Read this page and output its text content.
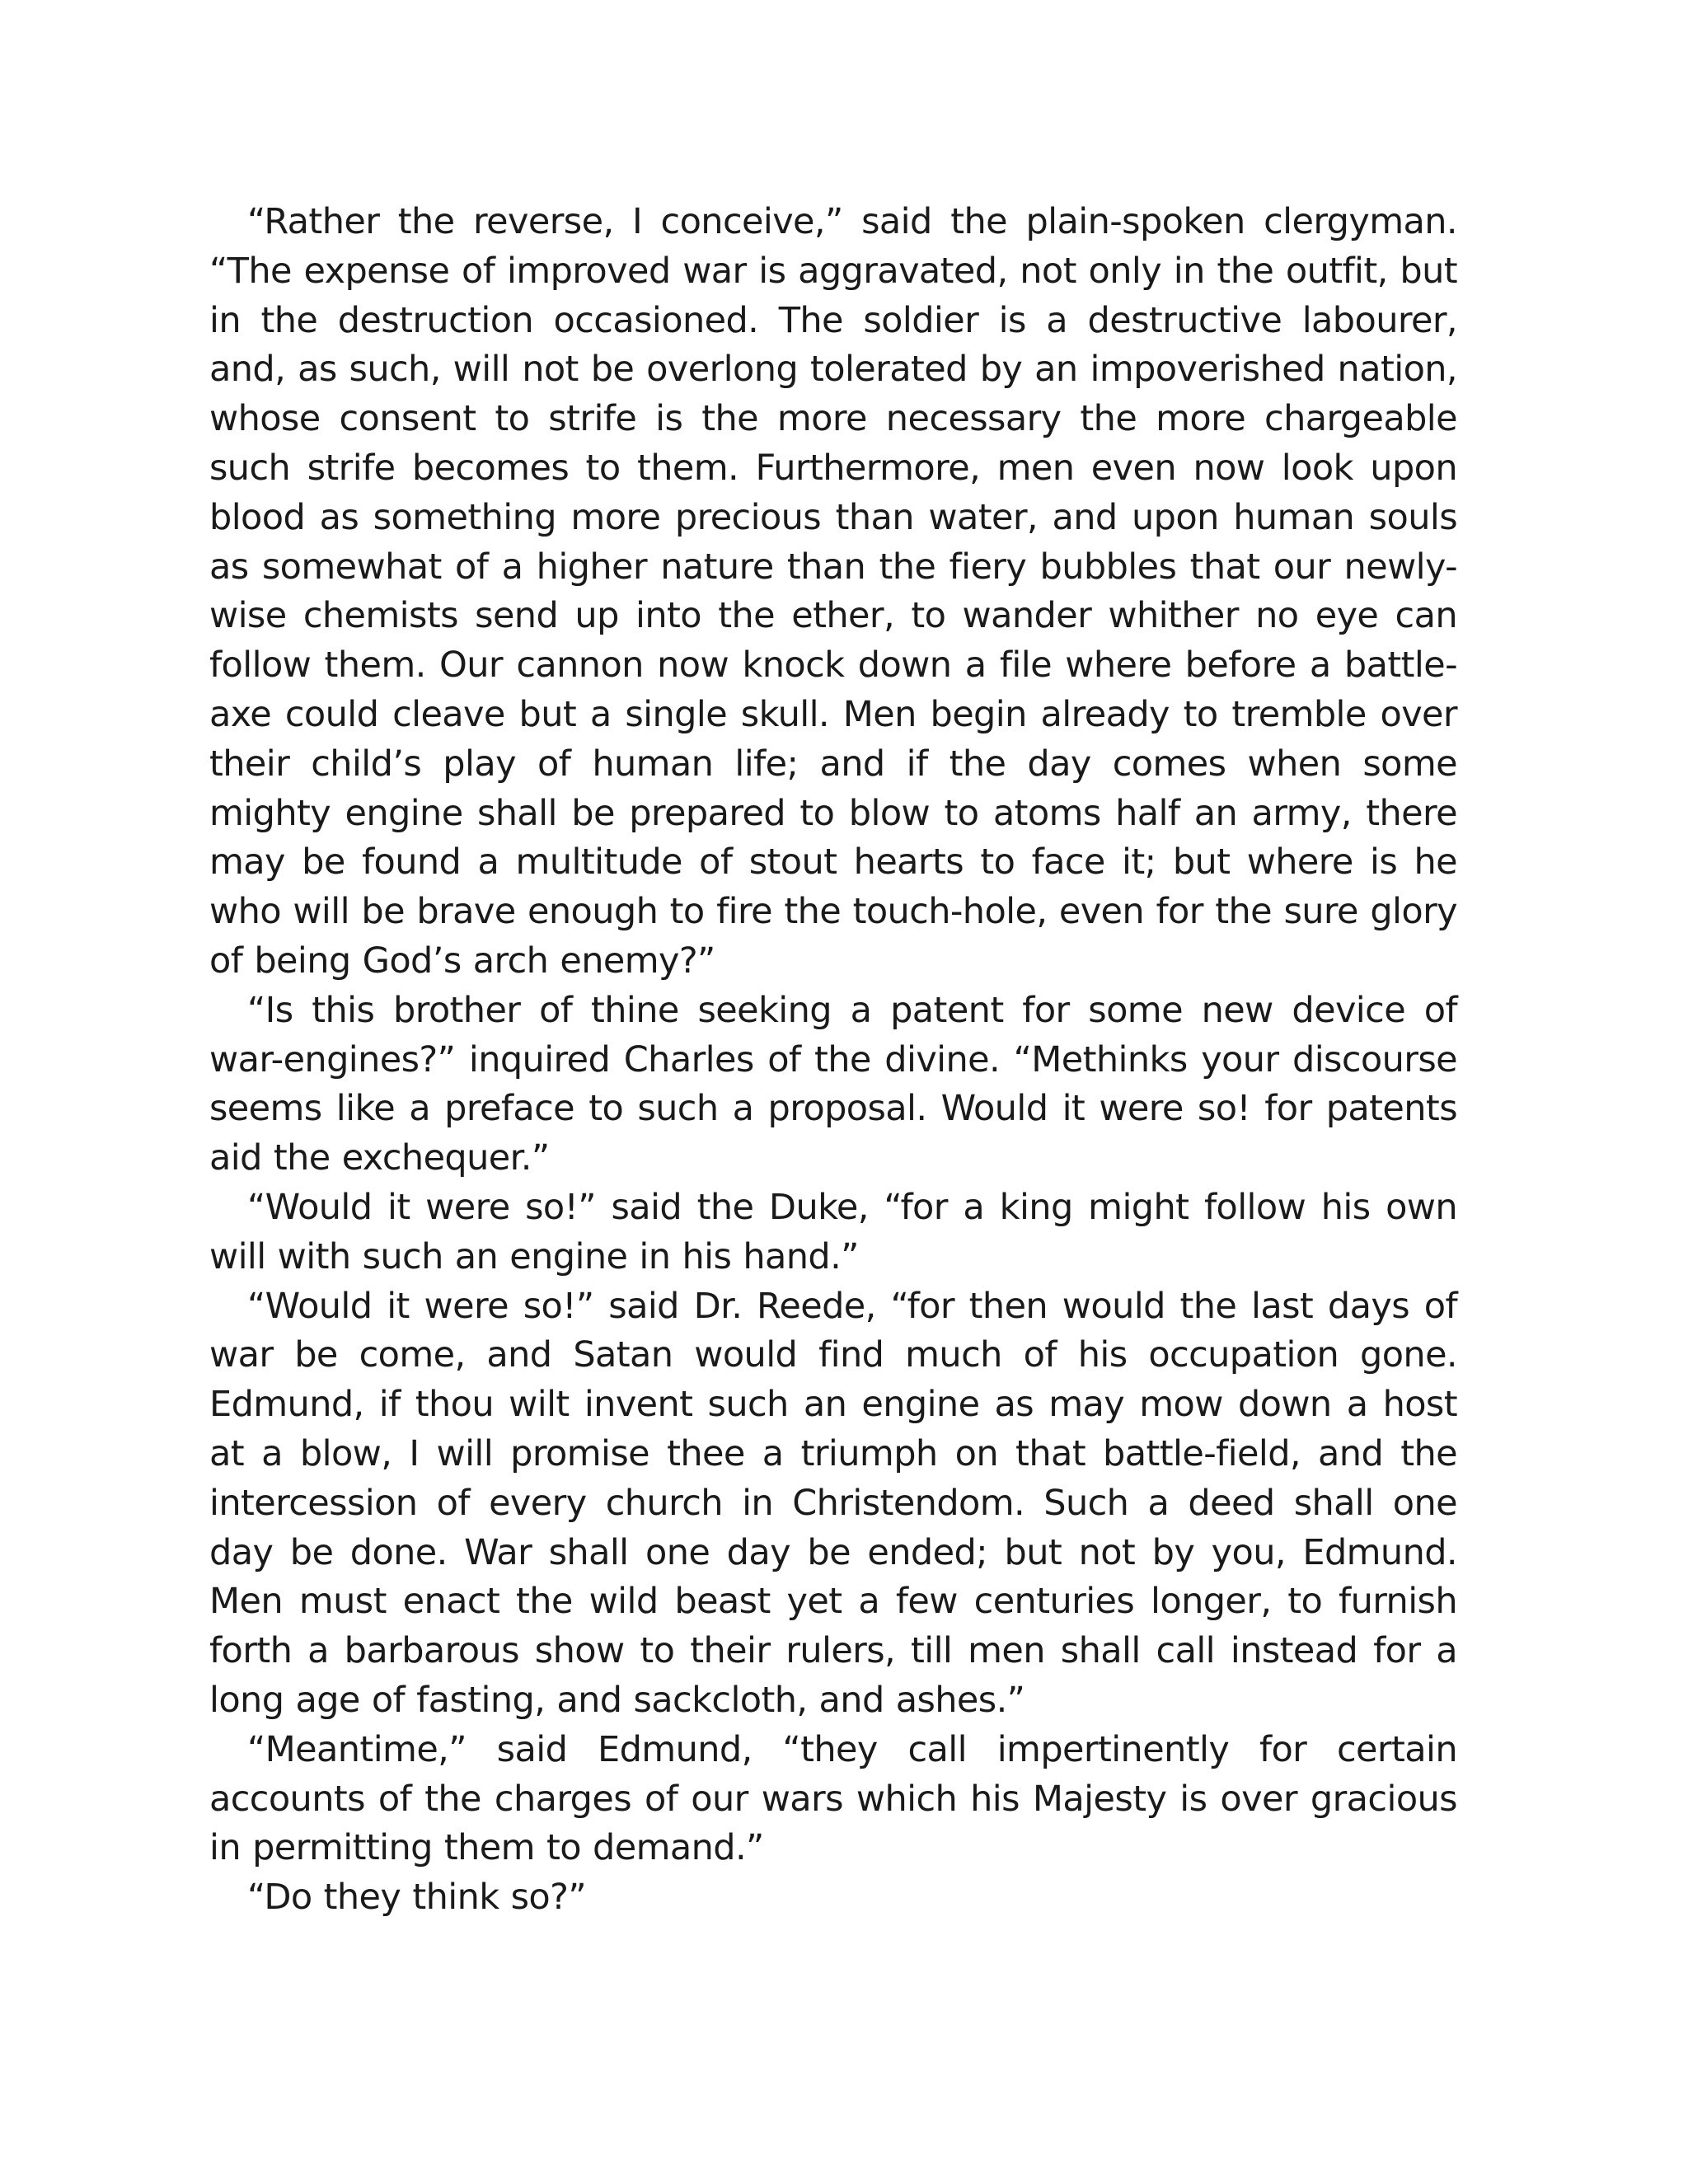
“Rather the reverse, I conceive,” said the plain-spoken clergyman. “The expense of improved war is aggravated, not only in the outfit, but in the destruction occasioned. The soldier is a destructive labourer, and, as such, will not be overlong tolerated by an impoverished nation, whose consent to strife is the more necessary the more chargeable such strife becomes to them. Furthermore, men even now look upon blood as something more precious than water, and upon human souls as somewhat of a higher nature than the fiery bubbles that our newly-wise chemists send up into the ether, to wander whither no eye can follow them. Our cannon now knock down a file where before a battle-axe could cleave but a single skull. Men begin already to tremble over their child’s play of human life; and if the day comes when some mighty engine shall be prepared to blow to atoms half an army, there may be found a multitude of stout hearts to face it; but where is he who will be brave enough to fire the touch-hole, even for the sure glory of being God’s arch enemy?”

“Is this brother of thine seeking a patent for some new device of war-engines?” inquired Charles of the divine. “Methinks your discourse seems like a preface to such a proposal. Would it were so! for patents aid the exchequer.”

“Would it were so!” said the Duke, “for a king might follow his own will with such an engine in his hand.”

“Would it were so!” said Dr. Reede, “for then would the last days of war be come, and Satan would find much of his occupation gone. Edmund, if thou wilt invent such an engine as may mow down a host at a blow, I will promise thee a triumph on that battle-field, and the intercession of every church in Christendom. Such a deed shall one day be done. War shall one day be ended; but not by you, Edmund. Men must enact the wild beast yet a few centuries longer, to furnish forth a barbarous show to their rulers, till men shall call instead for a long age of fasting, and sackcloth, and ashes.”

“Meantime,” said Edmund, “they call impertinently for certain accounts of the charges of our wars which his Majesty is over gracious in permitting them to demand.”

“Do they think so?”
